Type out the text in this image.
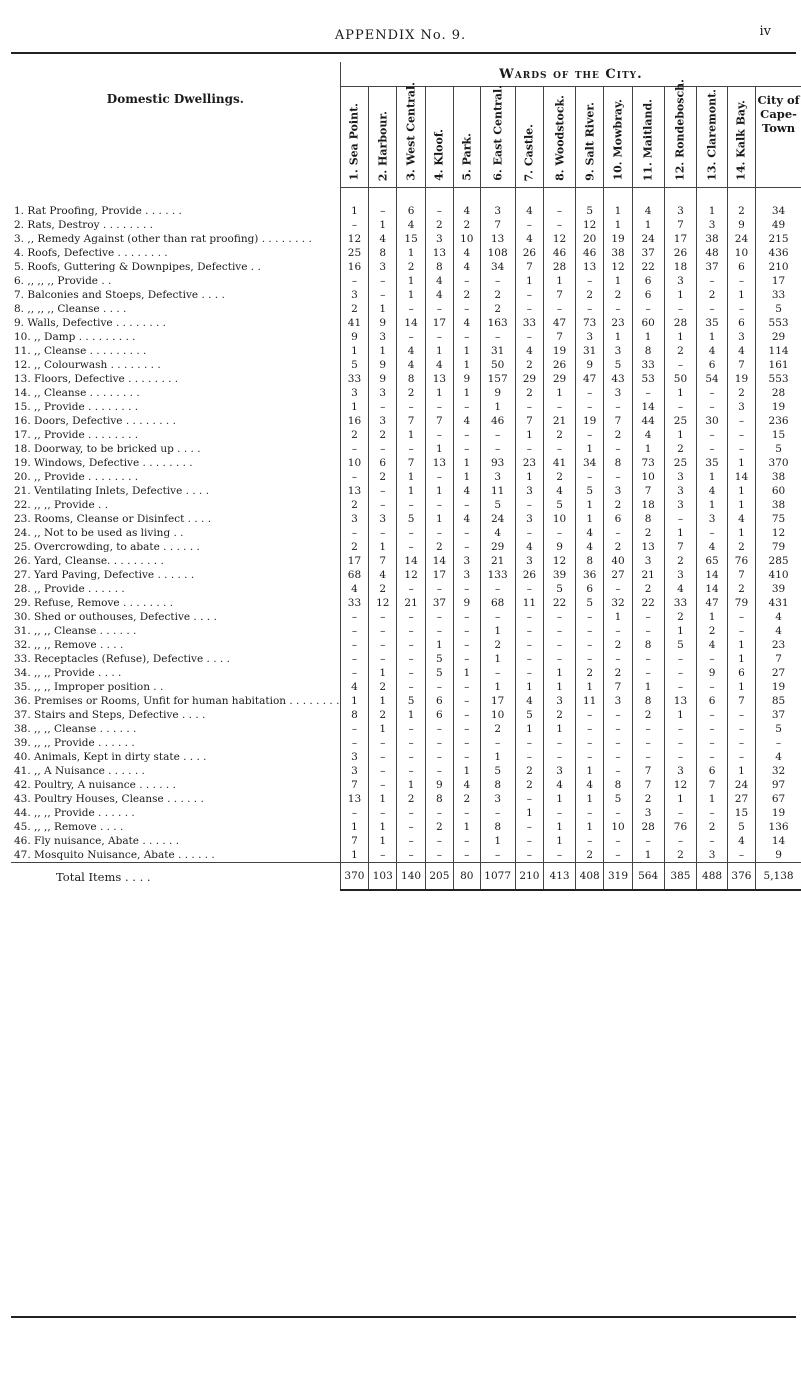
APPENDIX No. 9.	iv
Domestic Dwellings.	Wards of the City.														

	1. Sea Point.	2. Harbour.	3. West Central.	4. Kloof.	5. Park.	6. East Central.	7. Castle.	8. Woodstock.	9. Salt River.	10. Mowbray.	11. Maitland.	12. Rondebosch.	13. Claremont.	14. Kalk Bay.	City of Cape-Town

1. Rat Proofing, Provide . . . . . .	1	–	6	–	4	3	4	–	5	1	4	3	1	2	34
2. Rats, Destroy . . . . . . . .	–	1	4	2	2	7	–	–	12	1	1	7	3	9	49
3. ,, Remedy Against (other than rat proofing) . . . . . . . .	12	4	15	3	10	13	4	12	20	19	24	17	38	24	215
4. Roofs, Defective . . . . . . . .	25	8	1	13	4	108	26	46	46	38	37	26	48	10	436
5. Roofs, Guttering & Downpipes, Defective . .	16	3	2	8	4	34	7	28	13	12	22	18	37	6	210
6. ,, ,, ,, Provide . .	–	–	1	4	–	–	1	1	–	1	6	3	–	–	17
7. Balconies and Stoeps, Defective . . . .	3	–	1	4	2	2	–	7	2	2	6	1	2	1	33
8. ,, ,, ,, Cleanse . . . .	2	1	–	–	–	2	–	–	–	–	–	–	–	–	5
9. Walls, Defective . . . . . . . .	41	9	14	17	4	163	33	47	73	23	60	28	35	6	553
10. ,, Damp . . . . . . . . .	9	3	–	–	–	–	–	7	3	1	1	1	1	3	29
11. ,, Cleanse . . . . . . . . .	1	1	4	1	1	31	4	19	31	3	8	2	4	4	114
12. ,, Colourwash . . . . . . . .	5	9	4	4	1	50	2	26	9	5	33	–	6	7	161
13. Floors, Defective . . . . . . . .	33	9	8	13	9	157	29	29	47	43	53	50	54	19	553
14. ,, Cleanse . . . . . . . .	3	3	2	1	1	9	2	1	–	3	–	1	–	2	28
15. ,, Provide . . . . . . . .	1	–	–	–	–	1	–	–	–	–	14	–	–	3	19
16. Doors, Defective . . . . . . . .	16	3	7	7	4	46	7	21	19	7	44	25	30	–	236
17. ,, Provide . . . . . . . .	2	2	1	–	–	–	1	2	–	2	4	1	–	–	15
18. Doorway, to be bricked up . . . .	–	–	–	1	–	–	–	–	1	–	1	2	–	–	5
19. Windows, Defective . . . . . . . .	10	6	7	13	1	93	23	41	34	8	73	25	35	1	370
20. ,, Provide . . . . . . . .	–	2	1	–	1	3	1	2	–	–	10	3	1	14	38
21. Ventilating Inlets, Defective . . . .	13	–	1	1	4	11	3	4	5	3	7	3	4	1	60
22. ,, ,, Provide . .	2	–	–	–	–	5	–	5	1	2	18	3	1	1	38
23. Rooms, Cleanse or Disinfect . . . .	3	3	5	1	4	24	3	10	1	6	8	–	3	4	75
24. ,, Not to be used as living . .	–	–	–	–	–	4	–	–	4	–	2	1	–	1	12
25. Overcrowding, to abate . . . . . .	2	1	–	2	–	29	4	9	4	2	13	7	4	2	79
26. Yard, Cleanse. . . . . . . . .	17	7	14	14	3	21	3	12	8	40	3	2	65	76	285
27. Yard Paving, Defective . . . . . .	68	4	12	17	3	133	26	39	36	27	21	3	14	7	410
28. ,, Provide . . . . . .	4	2	–	–	–	–	–	5	6	–	2	4	14	2	39
29. Refuse, Remove . . . . . . . .	33	12	21	37	9	68	11	22	5	32	22	33	47	79	431
30. Shed or outhouses, Defective . . . .	–	–	–	–	–	–	–	–	–	1	–	2	1	–	4
31. ,, ,, Cleanse . . . . . .	–	–	–	–	–	1	–	–	–	–	–	1	2	–	4
32. ,, ,, Remove . . . .	–	–	–	1	–	2	–	–	–	2	8	5	4	1	23
33. Receptacles (Refuse), Defective . . . .	–	–	–	5	–	1	–	–	–	–	–	–	–	1	7
34. ,, ,, Provide . . . .	–	1	–	5	1	–	–	1	2	2	–	–	9	6	27
35. ,, ,, Improper position . .	4	2	–	–	–	1	1	1	1	7	1	–	–	1	19
36. Premises or Rooms, Unfit for human habitation . . . . . . . .	1	1	5	6	–	17	4	3	11	3	8	13	6	7	85
37. Stairs and Steps, Defective . . . .	8	2	1	6	–	10	5	2	–	–	2	1	–	–	37
38. ,, ,, Cleanse . . . . . .	–	1	–	–	–	2	1	1	–	–	–	–	–	–	5
39. ,, ,, Provide . . . . . .	–	–	–	–	–	–	–	–	–	–	–	–	–	–	–
40. Animals, Kept in dirty state . . . .	3	–	–	–	–	1	–	–	–	–	–	–	–	–	4
41. ,, A Nuisance . . . . . .	3	–	–	–	1	5	2	3	1	–	7	3	6	1	32
42. Poultry, A nuisance . . . . . .	7	–	1	9	4	8	2	4	4	8	7	12	7	24	97
43. Poultry Houses, Cleanse . . . . . .	13	1	2	8	2	3	–	1	1	5	2	1	1	27	67
44. ,, ,, Provide . . . . . .	–	–	–	–	–	–	1	–	–	–	3	–	–	15	19
45. ,, ,, Remove . . . .	1	1	–	2	1	8	–	1	1	10	28	76	2	5	136
46. Fly nuisance, Abate . . . . . .	7	1	–	–	–	1	–	1	–	–	–	–	–	4	14
47. Mosquito Nuisance, Abate . . . . . .	1	–	–	–	–	–	–	–	2	–	1	2	3	–	9
Total Items . . . .	370	103	140	205	80	1077	210	413	408	319	564	385	488	376	5,138
